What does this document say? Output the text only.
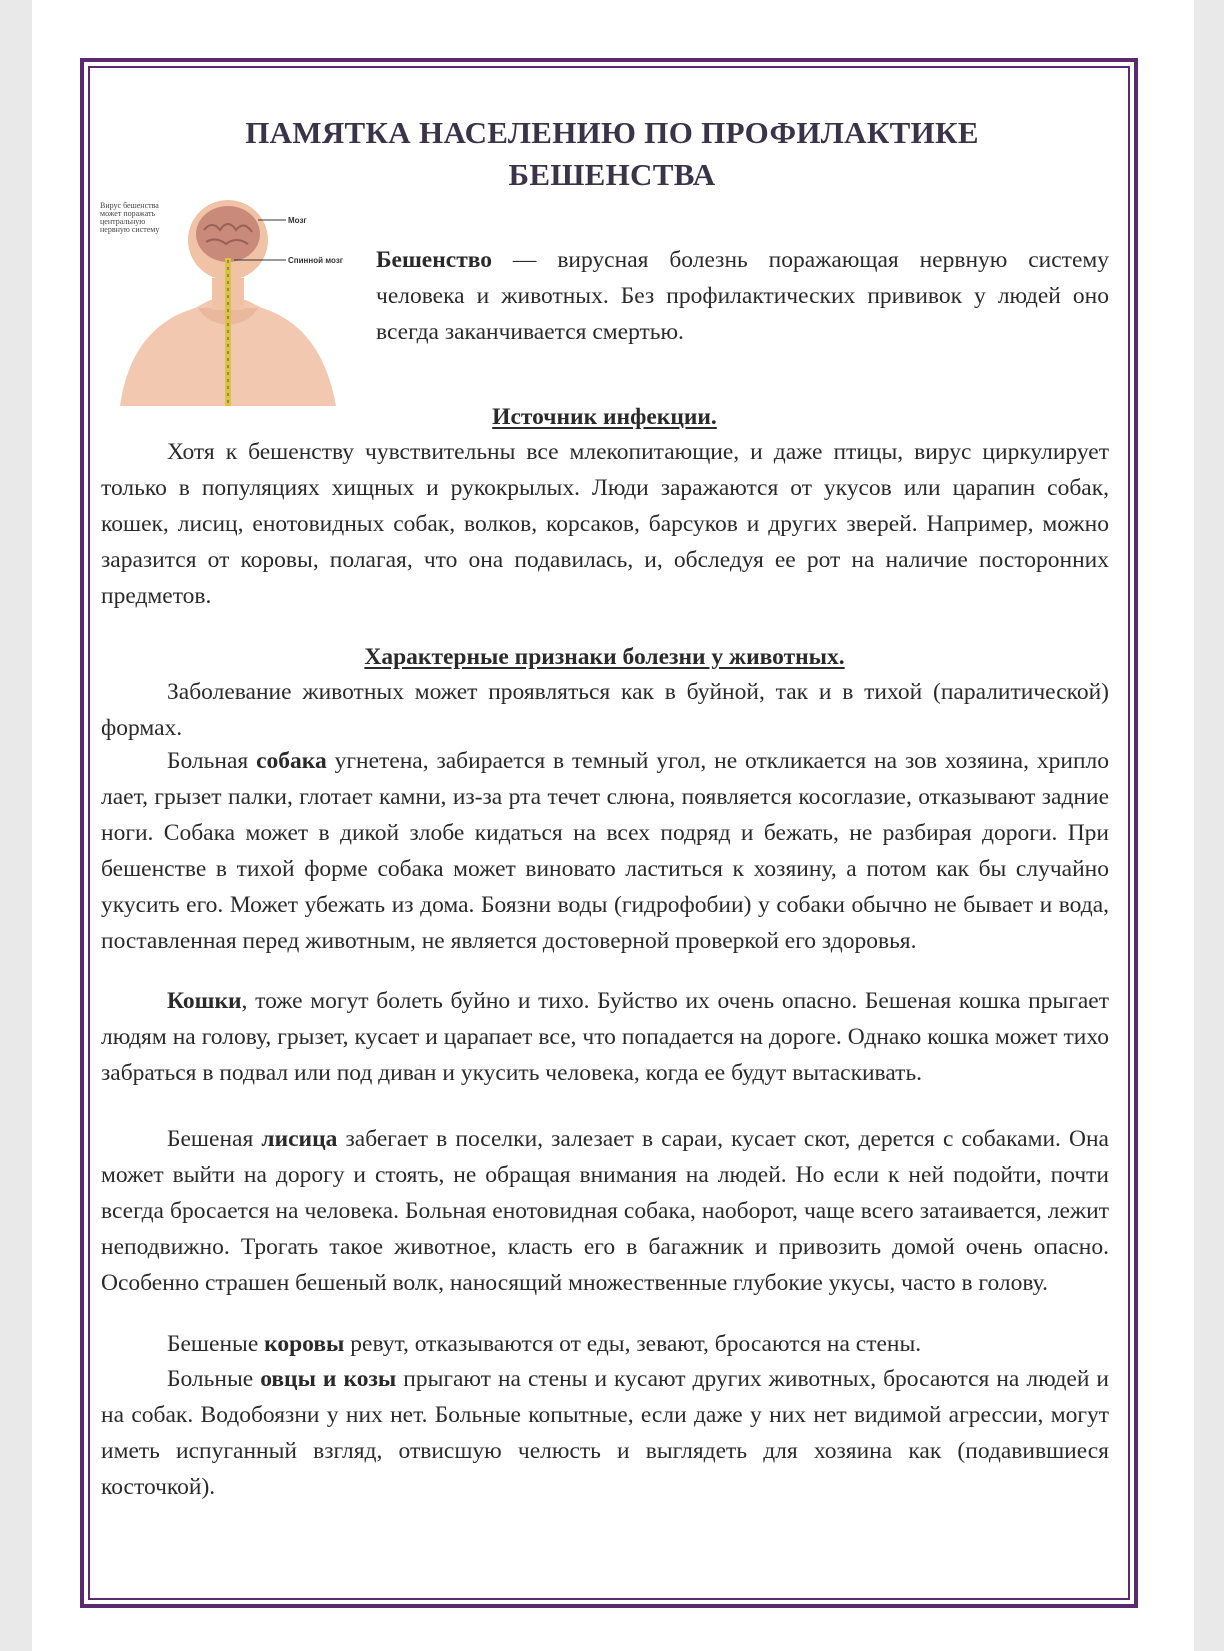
ПАМЯТКА НАСЕЛЕНИЮ ПО ПРОФИЛАКТИКЕ
БЕШЕНСТВА
Вирус бешенства может поражать центральную нервную систему
Мозг
Спинной мозг Бешенство — вирусная болезнь поражающая нервную систему человека и животных. Без профилактических прививок у людей оно всегда заканчивается смертью.
Источник инфекции.

Хотя к бешенству чувствительны все млекопитающие, и даже птицы, вирус циркулирует только в популяциях хищных и рукокрылых. Люди заражаются от укусов или царапин собак, кошек, лисиц, енотовидных собак, волков, корсаков, барсуков и других зверей. Например, можно заразится от коровы, полагая, что она подавилась, и, обследуя ее рот на наличие посторонних предметов.

Характерные признаки болезни у животных.

Заболевание животных может проявляться как в буйной, так и в тихой (паралитической) формах.

Больная собака угнетена, забирается в темный угол, не откликается на зов хозяина, хрипло лает, грызет палки, глотает камни, из-за рта течет слюна, появляется косоглазие, отказывают задние ноги. Собака может в дикой злобе кидаться на всех подряд и бежать, не разбирая дороги. При бешенстве в тихой форме собака может виновато ластиться к хозяину, а потом как бы случайно укусить его. Может убежать из дома. Боязни воды (гидрофобии) у собаки обычно не бывает и вода, поставленная перед животным, не является достоверной проверкой его здоровья.

Кошки, тоже могут болеть буйно и тихо. Буйство их очень опасно. Бешеная кошка прыгает людям на голову, грызет, кусает и царапает все, что попадается на дороге. Однако кошка может тихо забраться в подвал или под диван и укусить человека, когда ее будут вытаскивать.

Бешеная лисица забегает в поселки, залезает в сараи, кусает скот, дерется с собаками. Она может выйти на дорогу и стоять, не обращая внимания на людей. Но если к ней подойти, почти всегда бросается на человека. Больная енотовидная собака, наоборот, чаще всего затаивается, лежит неподвижно. Трогать такое животное, класть его в багажник и привозить домой очень опасно. Особенно страшен бешеный волк, наносящий множественные глубокие укусы, часто в голову.

Бешеные коровы ревут, отказываются от еды, зевают, бросаются на стены.

Больные овцы и козы прыгают на стены и кусают других животных, бросаются на людей и на собак. Водобоязни у них нет. Больные копытные, если даже у них нет видимой агрессии, могут иметь испуганный взгляд, отвисшую челюсть и выглядеть для хозяина как (подавившиеся косточкой).
